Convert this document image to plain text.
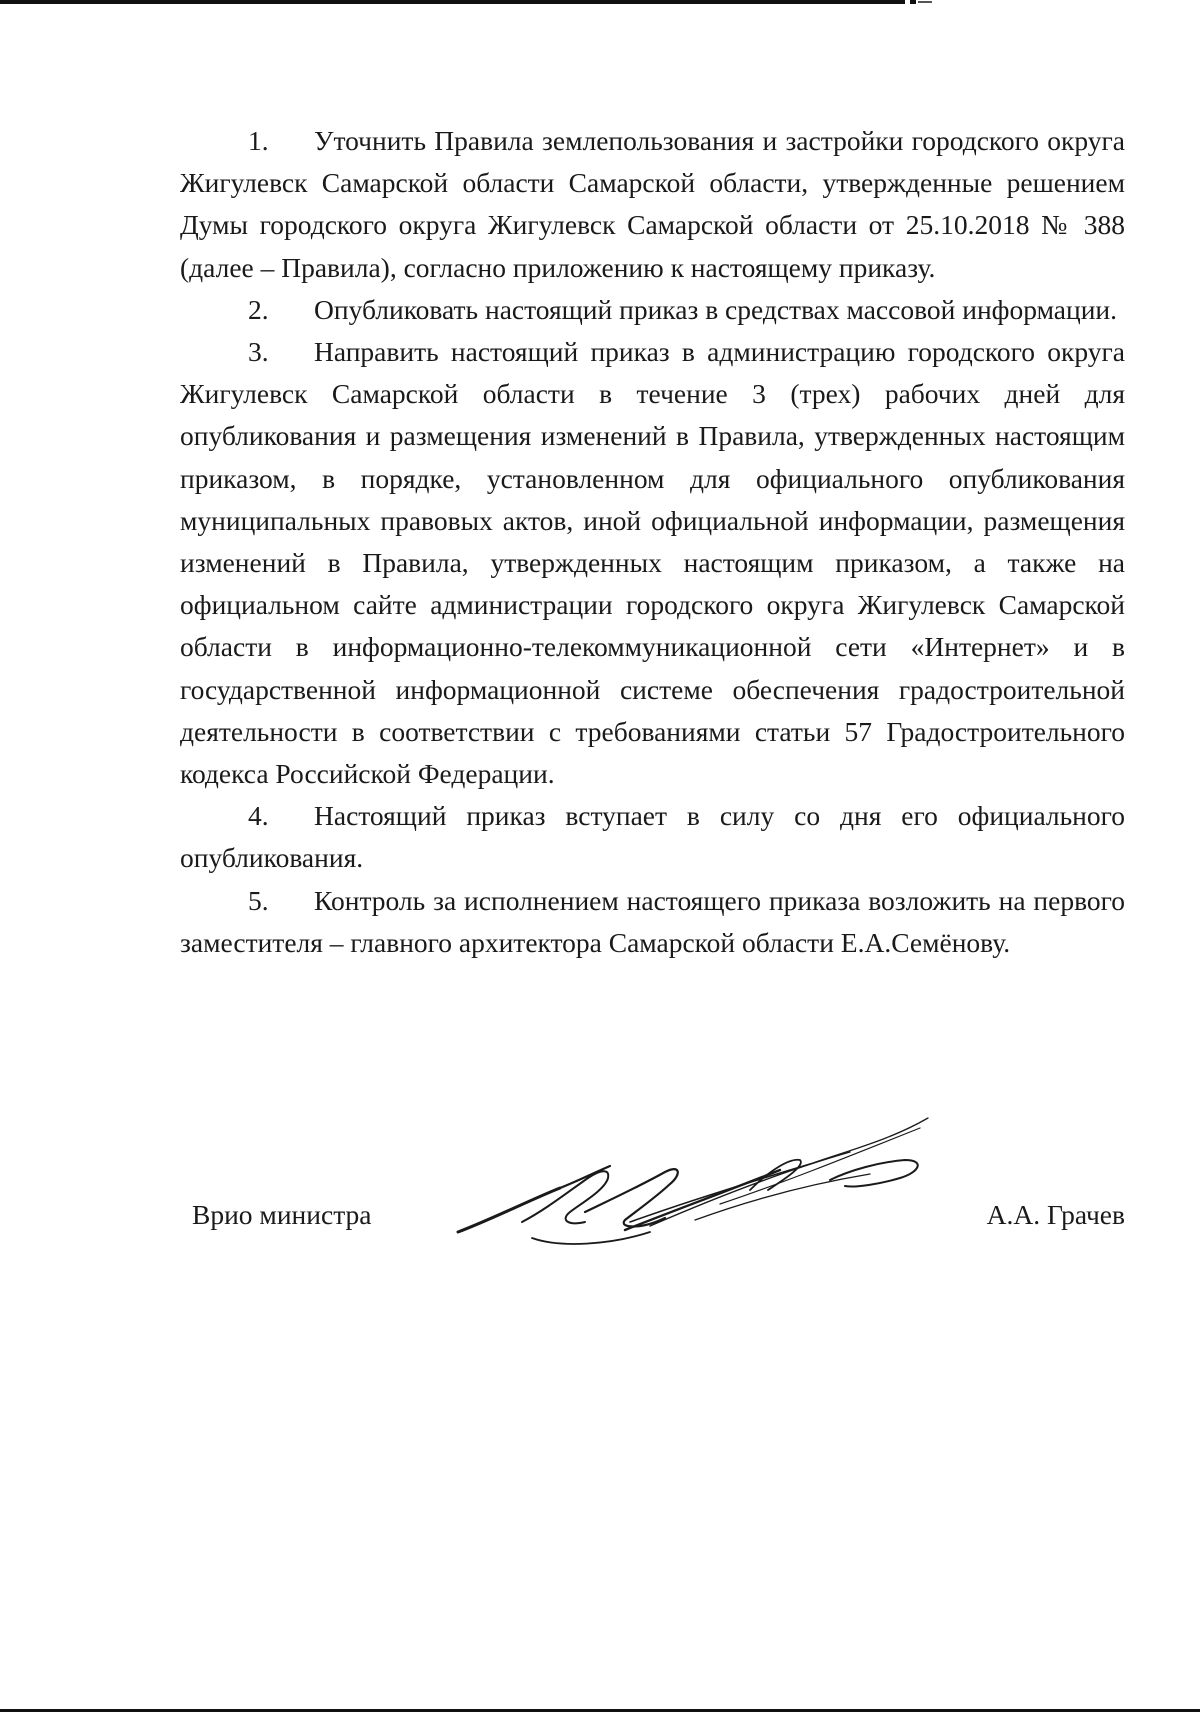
1. Уточнить Правила землепользования и застройки городского округа Жигулевск Самарской области Самарской области, утвержденные решением Думы городского округа Жигулевск Самарской области от 25.10.2018 № 388 (далее – Правила), согласно приложению к настоящему приказу.

2. Опубликовать настоящий приказ в средствах массовой информации.

3. Направить настоящий приказ в администрацию городского округа Жигулевск Самарской области в течение 3 (трех) рабочих дней для опубликования и размещения изменений в Правила, утвержденных настоящим приказом, в порядке, установленном для официального опубликования муниципальных правовых актов, иной официальной информации, размещения изменений в Правила, утвержденных настоящим приказом, а также на официальном сайте администрации городского округа Жигулевск Самарской области в информационно-телекоммуникационной сети «Интернет» и в государственной информационной системе обеспечения градостроительной деятельности в соответствии с требованиями статьи 57 Градостроительного кодекса Российской Федерации.

4. Настоящий приказ вступает в силу со дня его официального опубликования.

5. Контроль за исполнением настоящего приказа возложить на первого заместителя – главного архитектора Самарской области Е.А.Семёнову.

Врио министра	А.А. Грачев
